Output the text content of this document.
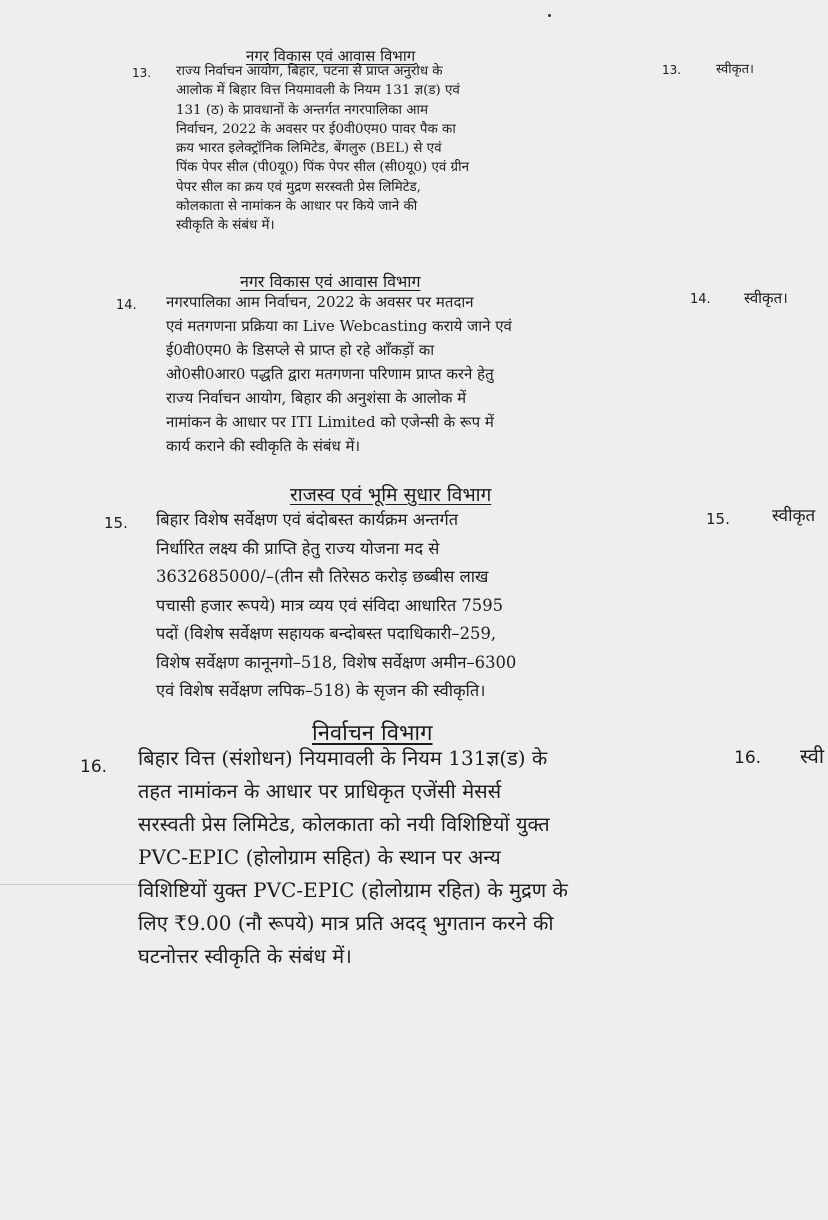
नगर विकास एवं आवास विभाग
13. राज्य निर्वाचन आयोग, बिहार, पटना से प्राप्त अनुरोध के
आलोक में बिहार वित्त नियमावली के नियम 131 ज्ञ(ड) एवं
131 (ठ) के प्रावधानों के अन्तर्गत नगरपालिका आम
निर्वाचन, 2022 के अवसर पर ई0वी0एम0 पावर पैक का
क्रय भारत इलेक्ट्रॉनिक लिमिटेड, बेंगलुरु (BEL) से एवं
पिंक पेपर सील (पी0यू0) पिंक पेपर सील (सी0यू0) एवं ग्रीन
पेपर सील का क्रय एवं मुद्रण सरस्वती प्रेस लिमिटेड,
कोलकाता से नामांकन के आधार पर किये जाने की
स्वीकृति के संबंध में।
13.	स्वीकृत।
नगर विकास एवं आवास विभाग
14. नगरपालिका आम निर्वाचन, 2022 के अवसर पर मतदान
एवं मतगणना प्रक्रिया का Live Webcasting कराये जाने एवं
ई0वी0एम0 के डिसप्ले से प्राप्त हो रहे आँकड़ों का
ओ0सी0आर0 पद्धति द्वारा मतगणना परिणाम प्राप्त करने हेतु
राज्य निर्वाचन आयोग, बिहार की अनुशंसा के आलोक में
नामांकन के आधार पर ITI Limited को एजेन्सी के रूप में
कार्य कराने की स्वीकृति के संबंध में।
14. स्वीकृत।
राजस्व एवं भूमि सुधार विभाग
15. बिहार विशेष सर्वेक्षण एवं बंदोबस्त कार्यक्रम अन्तर्गत
निर्धारित लक्ष्य की प्राप्ति हेतु राज्य योजना मद से
3632685000/–(तीन सौ तिरेसठ करोड़ छब्बीस लाख
पचासी हजार रूपये) मात्र व्यय एवं संविदा आधारित 7595
पदों (विशेष सर्वेक्षण सहायक बन्दोबस्त पदाधिकारी–259,
विशेष सर्वेक्षण कानूनगो–518, विशेष सर्वेक्षण अमीन–6300
एवं विशेष सर्वेक्षण लपिक–518) के सृजन की स्वीकृति।
15. स्वीकृत
निर्वाचन विभाग
16. बिहार वित्त (संशोधन) नियमावली के नियम 131ज्ञ(ड) के
तहत नामांकन के आधार पर प्राधिकृत एजेंसी मेसर्स
सरस्वती प्रेस लिमिटेड, कोलकाता को नयी विशिष्टियों युक्त
PVC-EPIC (होलोग्राम सहित) के स्थान पर अन्य
विशिष्टियों युक्त PVC-EPIC (होलोग्राम रहित) के मुद्रण के
लिए ₹9.00 (नौ रूपये) मात्र प्रति अदद् भुगतान करने की
घटनोत्तर स्वीकृति के संबंध में।
16. स्वी
